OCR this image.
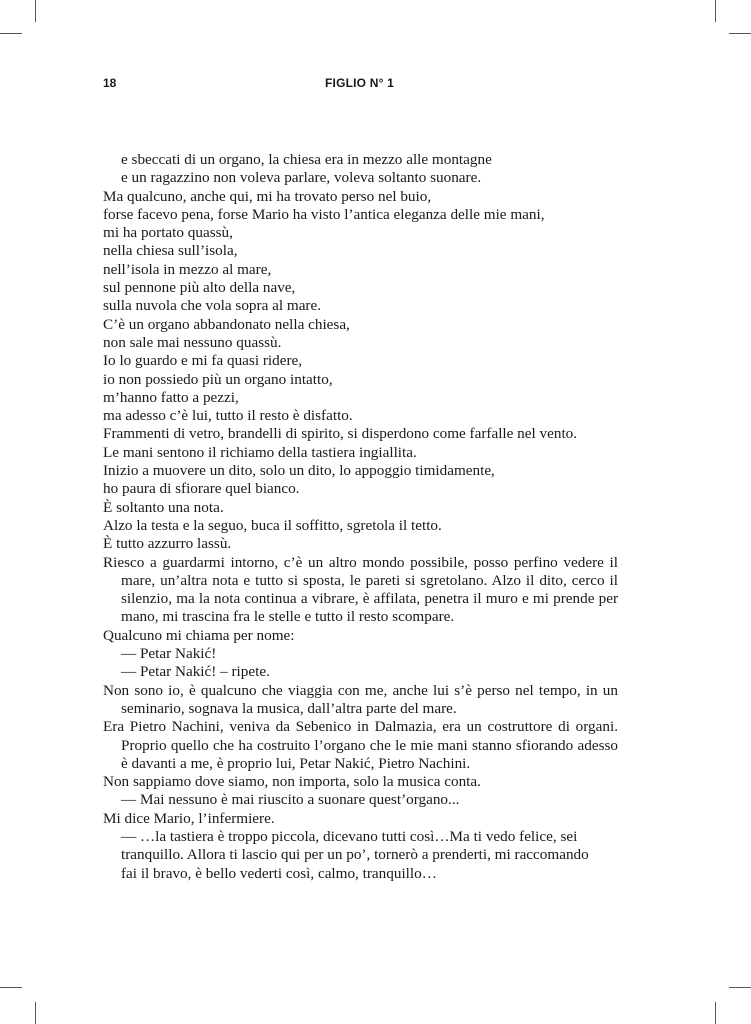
18	FIGLIO N° 1
e sbeccati di un organo, la chiesa era in mezzo alle montagne
e un ragazzino non voleva parlare, voleva soltanto suonare.
Ma qualcuno, anche qui, mi ha trovato perso nel buio,
forse facevo pena, forse Mario ha visto l’antica eleganza delle mie mani,
mi ha portato quassù,
nella chiesa sull’isola,
nell’isola in mezzo al mare,
sul pennone più alto della nave,
sulla nuvola che vola sopra al mare.
C’è un organo abbandonato nella chiesa,
non sale mai nessuno quassù.
Io lo guardo e mi fa quasi ridere,
io non possiedo più un organo intatto,
m’hanno fatto a pezzi,
ma adesso c’è lui, tutto il resto è disfatto.
Frammenti di vetro, brandelli di spirito, si disperdono come farfalle nel vento.
Le mani sentono il richiamo della tastiera ingiallita.
Inizio a muovere un dito, solo un dito, lo appoggio timidamente,
ho paura di sfiorare quel bianco.
È soltanto una nota.
Alzo la testa e la seguo, buca il soffitto, sgretola il tetto.
È tutto azzurro lassù.
Riesco a guardarmi intorno, c’è un altro mondo possibile, posso perfino vedere il mare, un’altra nota e tutto si sposta, le pareti si sgretolano. Alzo il dito, cerco il silenzio, ma la nota continua a vibrare, è affilata, penetra il muro e mi prende per mano, mi trascina fra le stelle e tutto il resto scompare.
Qualcuno mi chiama per nome:
— Petar Nakić!
— Petar Nakić! – ripete.
Non sono io, è qualcuno che viaggia con me, anche lui s’è perso nel tempo, in un seminario, sognava la musica, dall’altra parte del mare.
Era Pietro Nachini, veniva da Sebenico in Dalmazia, era un costruttore di organi. Proprio quello che ha costruito l’organo che le mie mani stanno sfiorando adesso è davanti a me, è proprio lui, Petar Nakić, Pietro Nachini.
Non sappiamo dove siamo, non importa, solo la musica conta.
— Mai nessuno è mai riuscito a suonare quest’organo...
Mi dice Mario, l’infermiere.
— …la tastiera è troppo piccola, dicevano tutti così…Ma ti vedo felice, sei
tranquillo. Allora ti lascio qui per un po’, tornerò a prenderti, mi raccomando
fai il bravo, è bello vederti così, calmo, tranquillo…
